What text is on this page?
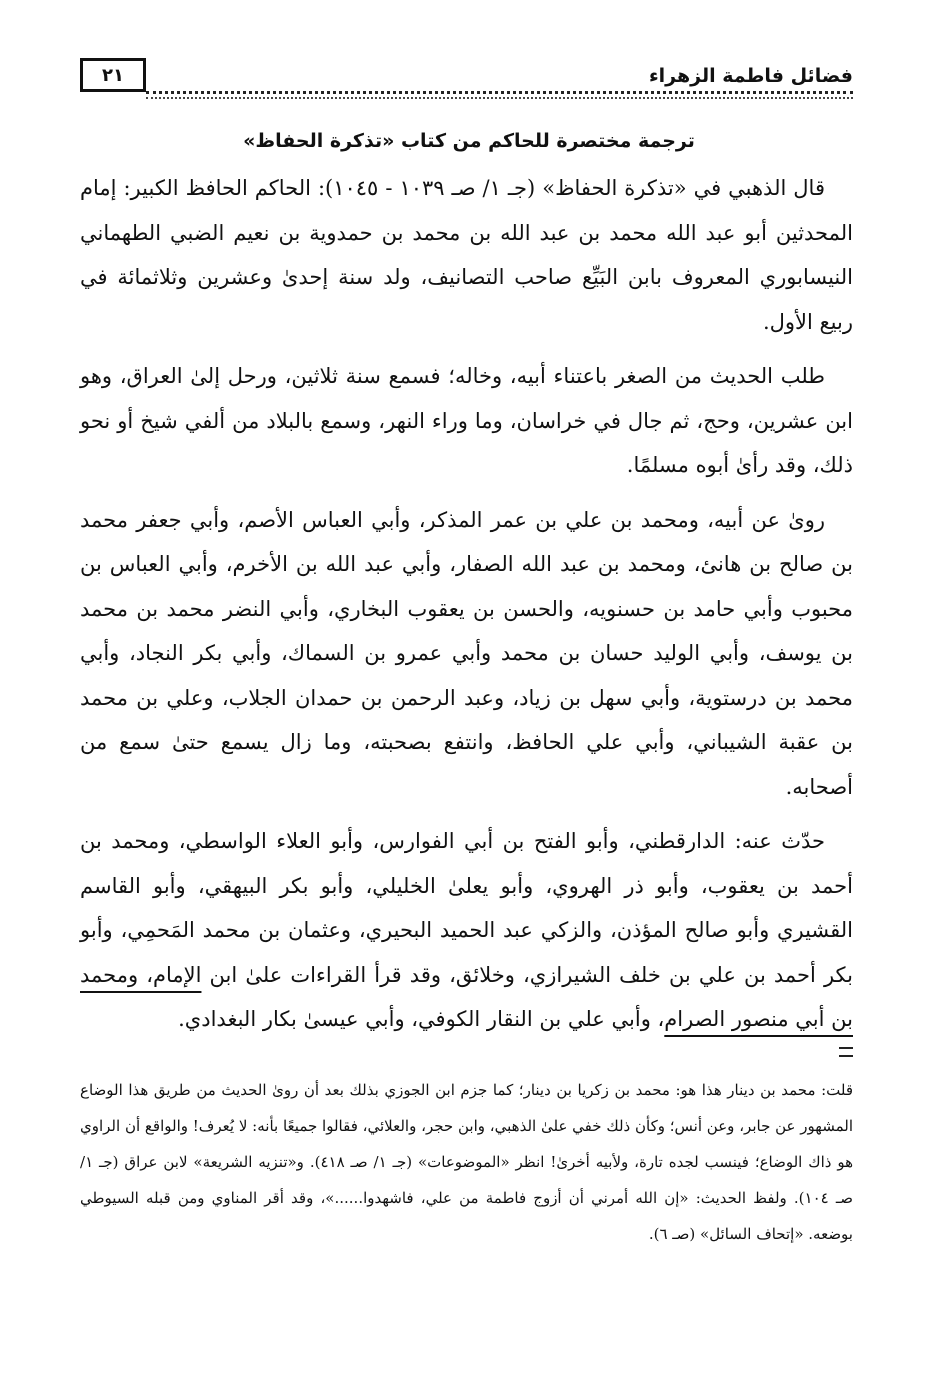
فضائل فاطمة الزهراء
٢١
ترجمة مختصرة للحاكم من كتاب «تذكرة الحفاظ»

قال الذهبي في «تذكرة الحفاظ» (جـ ١/ صـ ١٠٣٩ - ١٠٤٥): الحاكم الحافظ الكبير: إمام المحدثين أبو عبد الله محمد بن عبد الله بن محمد بن حمدوية بن نعيم الضبي الطهماني النيسابوري المعروف بابن البَيِّع صاحب التصانيف، ولد سنة إحدىٰ وعشرين وثلاثمائة في ربيع الأول.

طلب الحديث من الصغر باعتناء أبيه، وخاله؛ فسمع سنة ثلاثين، ورحل إلىٰ العراق، وهو ابن عشرين، وحج، ثم جال في خراسان، وما وراء النهر، وسمع بالبلاد من ألفي شيخ أو نحو ذلك، وقد رأىٰ أبوه مسلمًا.

روىٰ عن أبيه، ومحمد بن علي بن عمر المذكر، وأبي العباس الأصم، وأبي جعفر محمد بن صالح بن هانئ، ومحمد بن عبد الله الصفار، وأبي عبد الله بن الأخرم، وأبي العباس بن محبوب وأبي حامد بن حسنويه، والحسن بن يعقوب البخاري، وأبي النضر محمد بن محمد بن يوسف، وأبي الوليد حسان بن محمد وأبي عمرو بن السماك، وأبي بكر النجاد، وأبي محمد بن درستوية، وأبي سهل بن زياد، وعبد الرحمن بن حمدان الجلاب، وعلي بن محمد بن عقبة الشيباني، وأبي علي الحافظ، وانتفع بصحبته، وما زال يسمع حتىٰ سمع من أصحابه.

حدّث عنه: الدارقطني، وأبو الفتح بن أبي الفوارس، وأبو العلاء الواسطي، ومحمد بن أحمد بن يعقوب، وأبو ذر الهروي، وأبو يعلىٰ الخليلي، وأبو بكر البيهقي، وأبو القاسم القشيري وأبو صالح المؤذن، والزكي عبد الحميد البحيري، وعثمان بن محمد المَحمِي، وأبو بكر أحمد بن علي بن خلف الشيرازي، وخلائق، وقد قرأ القراءات علىٰ ابن الإمام، ومحمد بن أبي منصور الصرام، وأبي علي بن النقار الكوفي، وأبي عيسىٰ بكار البغدادي.

قلت: محمد بن دينار هذا هو: محمد بن زكريا بن دينار؛ كما جزم ابن الجوزي بذلك بعد أن روىٰ الحديث من طريق هذا الوضاع المشهور عن جابر، وعن أنس؛ وكأن ذلك خفي علىٰ الذهبي، وابن حجر، والعلائي، فقالوا جميعًا بأنه: لا يُعرف! والواقع أن الراوي هو ذاك الوضاع؛ فينسب لجده تارة، ولأبيه أخرىٰ! انظر «الموضوعات» (جـ ١/ صـ ٤١٨). و«تنزيه الشريعة» لابن عراق (جـ ١/ صـ ١٠٤). ولفظ الحديث: «إن الله أمرني أن أزوج فاطمة من علي، فاشهدوا......»، وقد أقر المناوي ومن قبله السيوطي بوضعه. «إتحاف السائل» (صـ ٦).
